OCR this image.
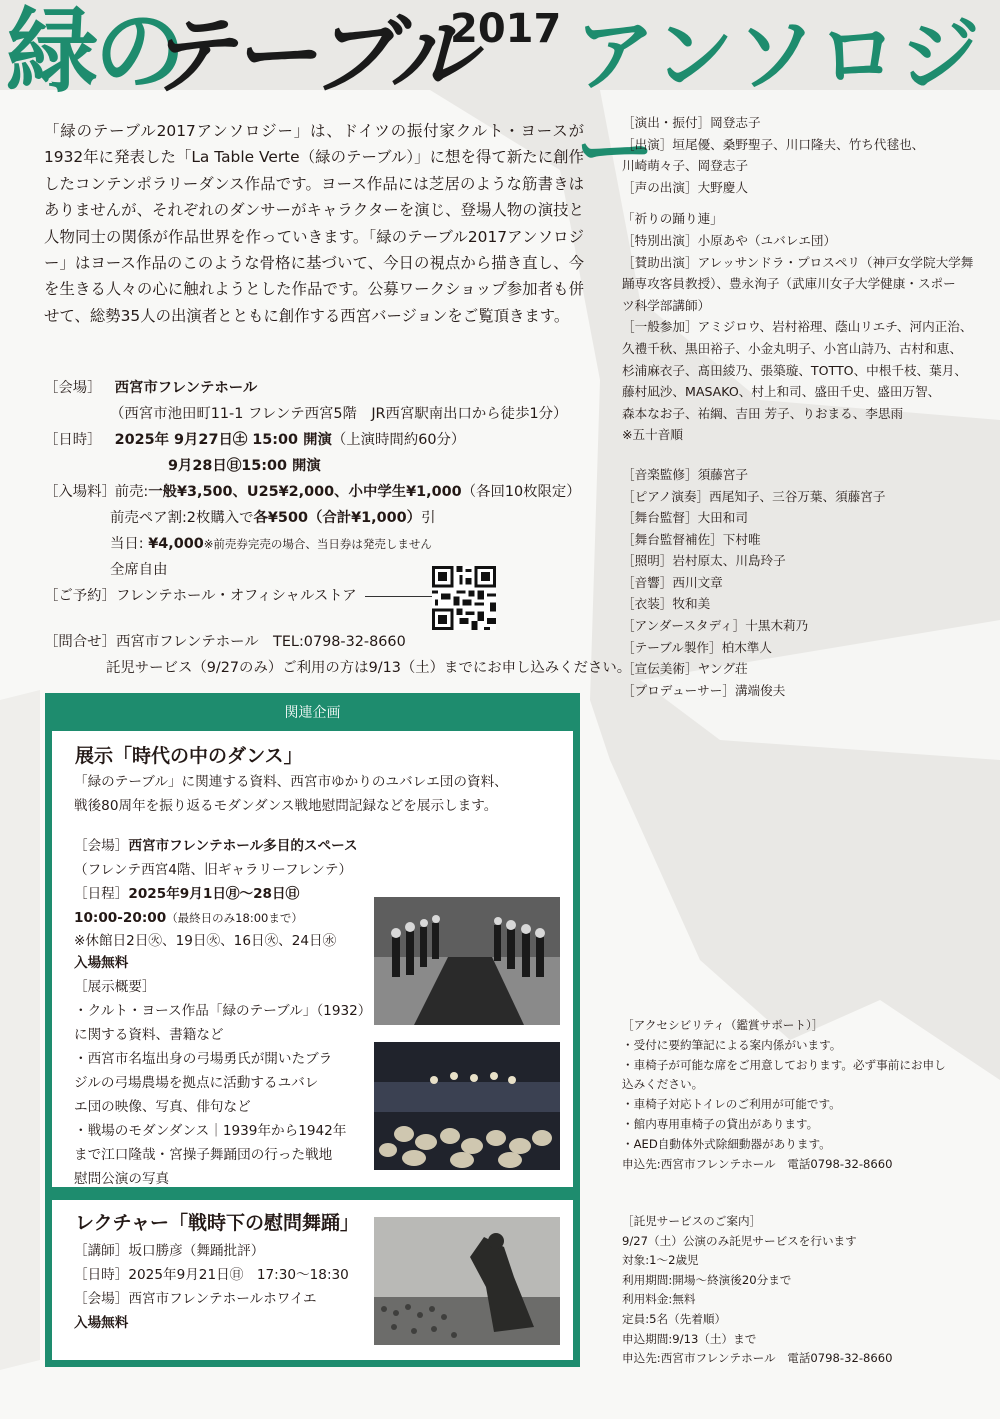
緑の
テーブル
2017 アンソロジー
「緑のテーブル2017アンソロジー」は、ドイツの振付家クルト・ヨースが1932年に発表した「La Table Verte（緑のテーブル）」に想を得て新たに創作したコンテンポラリーダンス作品です。ヨース作品には芝居のような筋書きはありませんが、それぞれのダンサーがキャラクターを演じ、登場人物の演技と人物同士の関係が作品世界を作っていきます。「緑のテーブル2017アンソロジー」はヨース作品のこのような骨格に基づいて、今日の視点から描き直し、今を生きる人々の心に触れようとした作品です。公募ワークショップ参加者も併せて、総勢35人の出演者とともに創作する西宮バージョンをご覧頂きます。
［会場］ 西宮市フレンテホール
（西宮市池田町11-1 フレンテ西宮5階　JR西宮駅南出口から徒歩1分）
［日時］ 2025年 9月27日㊏ 15:00 開演（上演時間約60分）
9月28日㊐15:00 開演
［入場料］ 前売:一般¥3,500、U25¥2,000、小中学生¥1,000（各回10枚限定）
前売ペア割:2枚購入で各¥500（合計¥1,000）引
当日: ¥4,000※前売券完売の場合、当日券は発売しません
全席自由
［ご予約］フレンテホール・オフィシャルストア
［問合せ］西宮市フレンテホール　TEL:0798-32-8660
託児サービス（9/27のみ）ご利用の方は9/13（土）までにお申し込みください。
関連企画
展示「時代の中のダンス」
「緑のテーブル」に関連する資料、西宮市ゆかりのユバレエ団の資料、
戦後80周年を振り返るモダンダンス戦地慰問記録などを展示します。
［会場］西宮市フレンテホール多目的スペース
（フレンテ西宮4階、旧ギャラリーフレンテ）
［日程］2025年9月1日㊊～28日㊐
10:00-20:00（最終日のみ18:00まで）
※休館日2日㊋、19日㊋、16日㊋、24日㊌
入場無料
［展示概要］
・クルト・ヨース作品「緑のテーブル」（1932）
に関する資料、書籍など
・西宮市名塩出身の弓場勇氏が開いたブラ
ジルの弓場農場を拠点に活動するユバレ
エ団の映像、写真、俳句など
・戦場のモダンダンス｜1939年から1942年
まで江口隆哉・宮操子舞踊団の行った戦地
慰問公演の写真
レクチャー「戦時下の慰問舞踊」
［講師］坂口勝彦（舞踊批評）
［日時］2025年9月21日㊐　17:30～18:30
［会場］西宮市フレンテホールホワイエ
入場無料

［演出・振付］岡登志子

［出演］垣尾優、桑野聖子、川口隆夫、竹ち代毬也、

川崎萌々子、岡登志子

［声の出演］大野慶人

「祈りの踊り連」

［特別出演］小原あや（ユバレエ団）

［賛助出演］アレッサンドラ・プロスペリ（神戸女学院大学舞

踊専攻客員教授）、豊永洵子（武庫川女子大学健康・スポー

ツ科学部講師）

［一般参加］アミジロウ、岩村裕理、蔭山リエチ、河内正治、

久禮千秋、黒田裕子、小金丸明子、小宮山詩乃、古村和恵、

杉浦麻衣子、髙田綾乃、張築璇、TOTTO、中根千枝、葉月、

藤村凪沙、MASAKO、村上和司、盛田千史、盛田万智、

森本なお子、祐綱、吉田 芳子、りおまる、李思雨

※五十音順

［音楽監修］須藤宮子

［ピアノ演奏］西尾知子、三谷万葉、須藤宮子

［舞台監督］大田和司

［舞台監督補佐］下村唯

［照明］岩村原太、川島玲子

［音響］西川文章

［衣装］牧和美

［アンダースタディ］十黒木莉乃

［テーブル製作］柏木準人

［宣伝美術］ヤング荘

［プロデューサー］溝端俊夫

［アクセシビリティ（鑑賞サポート）］

・受付に要約筆記による案内係がいます。

・車椅子が可能な席をご用意しております。必ず事前にお申し

込みください。

・車椅子対応トイレのご利用が可能です。

・館内専用車椅子の貸出があります。

・AED自動体外式除細動器があります。

申込先:西宮市フレンテホール　電話0798-32-8660

［託児サービスのご案内］

9/27（土）公演のみ託児サービスを行います

対象:1～2歳児

利用期間:開場～終演後20分まで

利用料金:無料

定員:5名（先着順）

申込期間:9/13（土）まで

申込先:西宮市フレンテホール　電話0798-32-8660
